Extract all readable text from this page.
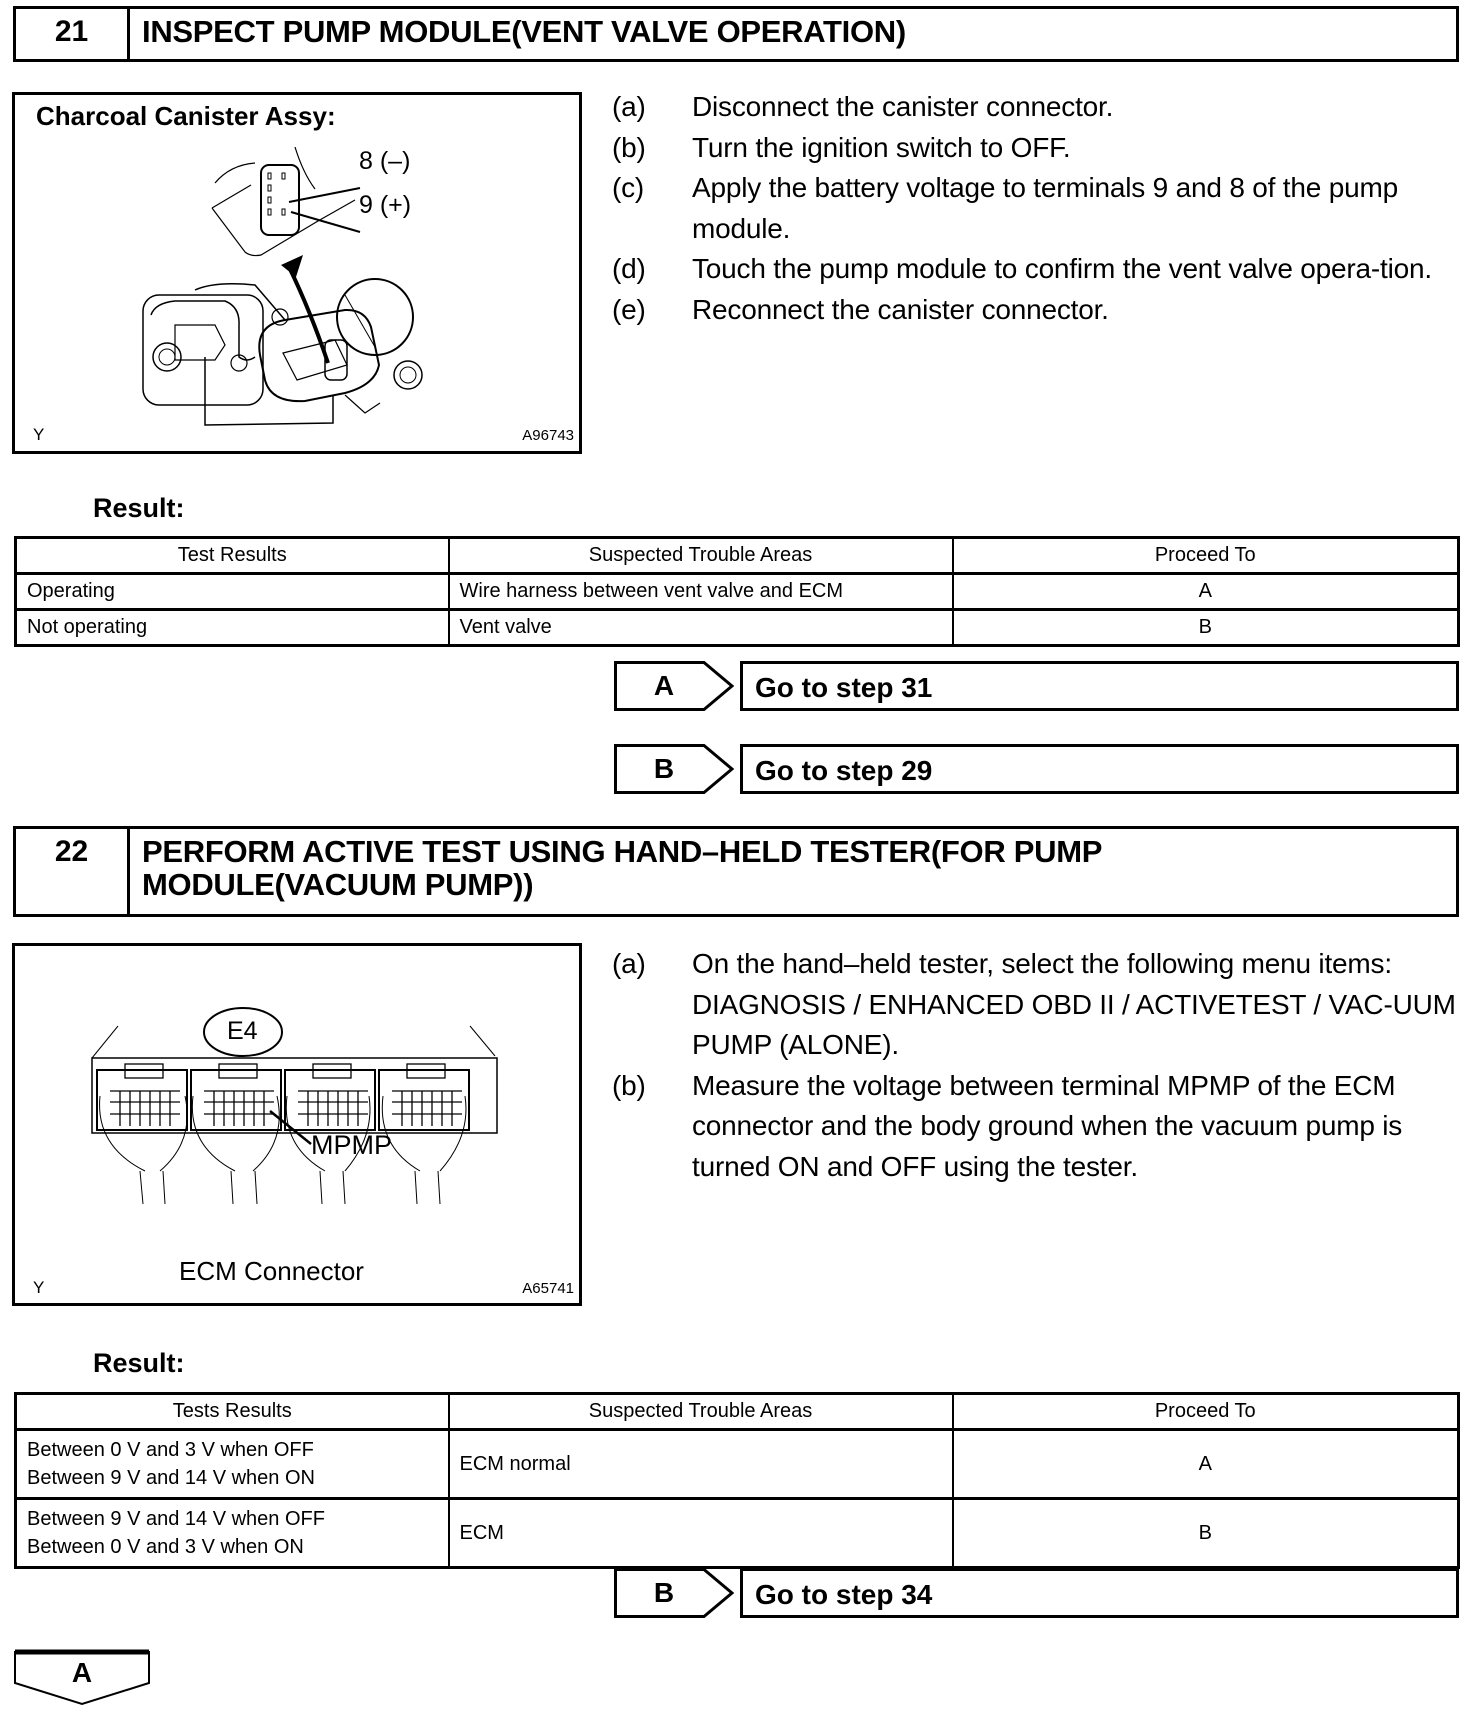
21	INSPECT PUMP MODULE(VENT VALVE OPERATION)
Charcoal Canister Assy:
8 (–)
9 (+)
Y	A96743
(a)	Disconnect the canister connector.
(b)	Turn the ignition switch to OFF.
(c)	Apply the battery voltage to terminals 9 and 8 of the pump module.
(d)	Touch the pump module to confirm the vent valve opera-tion.
(e)	Reconnect the canister connector.
Result:
Test Results	Suspected Trouble Areas	Proceed To
Operating	Wire harness between vent valve and ECM	A
Not operating	Vent valve	B
A	Go to step 31
B	Go to step 29
22	PERFORM ACTIVE TEST USING HAND–HELD TESTER(FOR PUMP
MODULE(VACUUM PUMP))
E4
MPMP
ECM Connector
Y	A65741
(a)	On the hand–held tester, select the following menu items: DIAGNOSIS / ENHANCED OBD II / ACTIVETEST / VAC-UUM PUMP (ALONE).
(b)	Measure the voltage between terminal MPMP of the ECM connector and the body ground when the vacuum pump is turned ON and OFF using the tester.
Result:
Tests Results	Suspected Trouble Areas	Proceed To

Between 0 V and 3 V when OFF
Between 9 V and 14 V when ON	ECM normal	A

Between 9 V and 14 V when OFF
Between 0 V and 3 V when ON	ECM	B
B	Go to step 34
A
